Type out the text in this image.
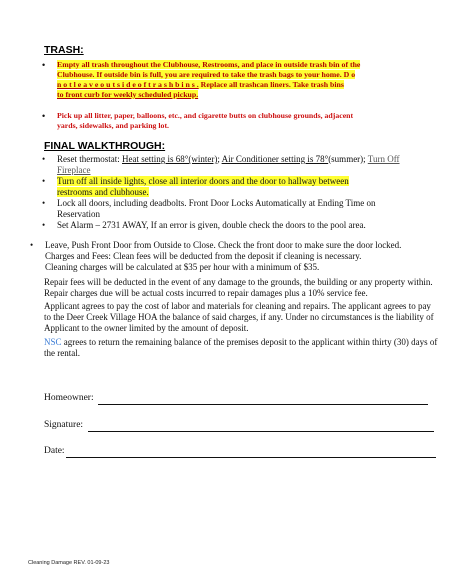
TRASH:
• Empty all trash throughout the Clubhouse, Restrooms, and place in outside trash bin of the
Clubhouse. If outside bin is full, you are required to take the trash bags to your home. D o
n o t l e a v e o u t s i d e o f t r a s h b i n s . Replace all trashcan liners. Take trash bins
to front curb for weekly scheduled pickup.
• Pick up all litter, paper, balloons, etc., and cigarette butts on clubhouse grounds, adjacent
yards, sidewalks, and parking lot.
FINAL WALKTHROUGH:
• Reset thermostat: Heat setting is 68°(winter); Air Conditioner setting is 78°(summer); Turn Off
Fireplace
• Turn off all inside lights, close all interior doors and the door to hallway between
restrooms and clubhouse.
• Lock all doors, including deadbolts. Front Door Locks Automatically at Ending Time on
Reservation
• Set Alarm – 2731 AWAY, If an error is given, double check the doors to the pool area.
• Leave, Push Front Door from Outside to Close. Check the front door to make sure the door locked.
Charges and Fees: Clean fees will be deducted from the deposit if cleaning is necessary.
Cleaning charges will be calculated at $35 per hour with a minimum of $35.
Repair fees will be deducted in the event of any damage to the grounds, the building or any property within. Repair charges due will be actual costs incurred to repair damages plus a 10% service fee.
Applicant agrees to pay the cost of labor and materials for cleaning and repairs. The applicant agrees to pay to the Deer Creek Village HOA the balance of said charges, if any. Under no circumstances is the liability of Applicant to the owner limited by the amount of deposit.
NSC agrees to return the remaining balance of the premises deposit to the applicant within thirty (30) days of the rental.
Homeowner:
Signature:
Date:
Cleaning Damage REV. 01-09-23
